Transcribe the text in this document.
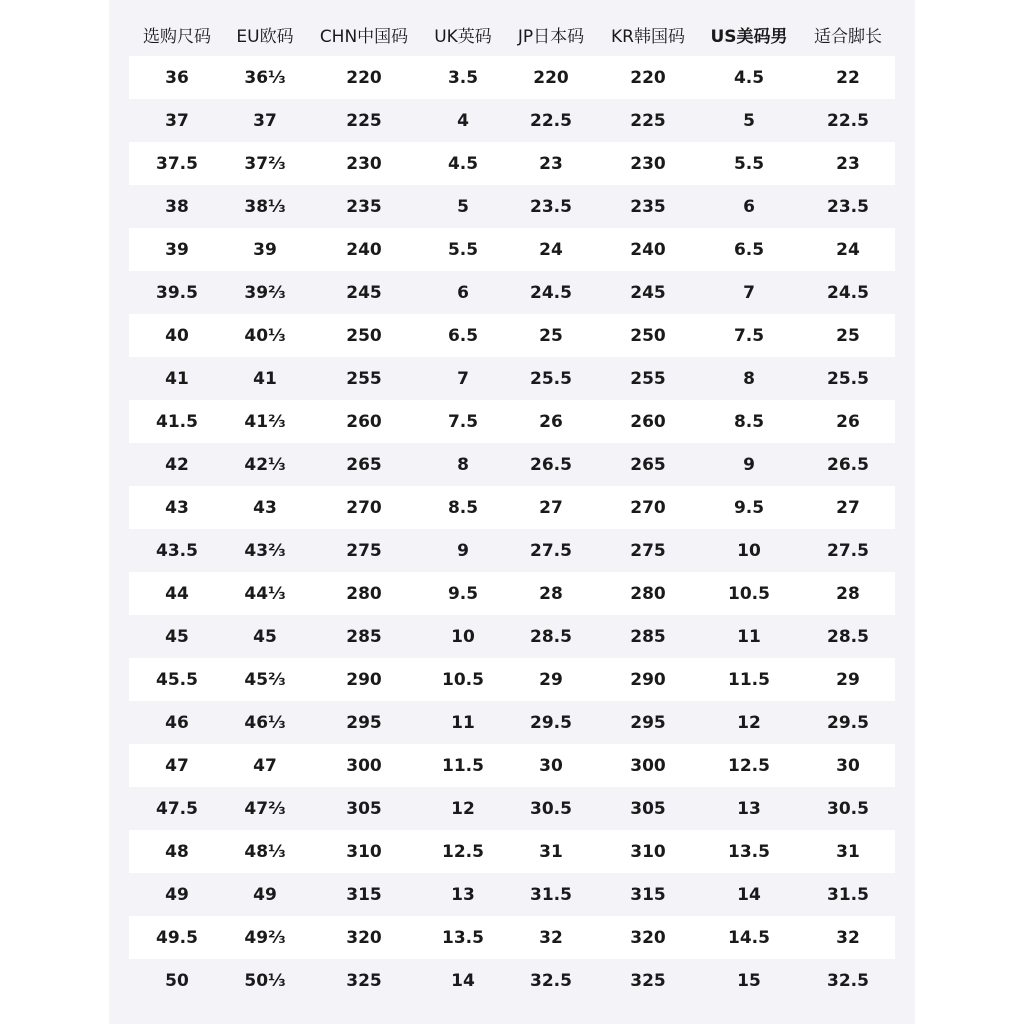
选购尺码	EU欧码	CHN中国码	UK英码	JP日本码	KR韩国码	US美码男	适合脚长
36	36⅓	220	3.5	220	220	4.5	22
37	37	225	4	22.5	225	5	22.5
37.5	37⅔	230	4.5	23	230	5.5	23
38	38⅓	235	5	23.5	235	6	23.5
39	39	240	5.5	24	240	6.5	24
39.5	39⅔	245	6	24.5	245	7	24.5
40	40⅓	250	6.5	25	250	7.5	25
41	41	255	7	25.5	255	8	25.5
41.5	41⅔	260	7.5	26	260	8.5	26
42	42⅓	265	8	26.5	265	9	26.5
43	43	270	8.5	27	270	9.5	27
43.5	43⅔	275	9	27.5	275	10	27.5
44	44⅓	280	9.5	28	280	10.5	28
45	45	285	10	28.5	285	11	28.5
45.5	45⅔	290	10.5	29	290	11.5	29
46	46⅓	295	11	29.5	295	12	29.5
47	47	300	11.5	30	300	12.5	30
47.5	47⅔	305	12	30.5	305	13	30.5
48	48⅓	310	12.5	31	310	13.5	31
49	49	315	13	31.5	315	14	31.5
49.5	49⅔	320	13.5	32	320	14.5	32
50	50⅓	325	14	32.5	325	15	32.5
